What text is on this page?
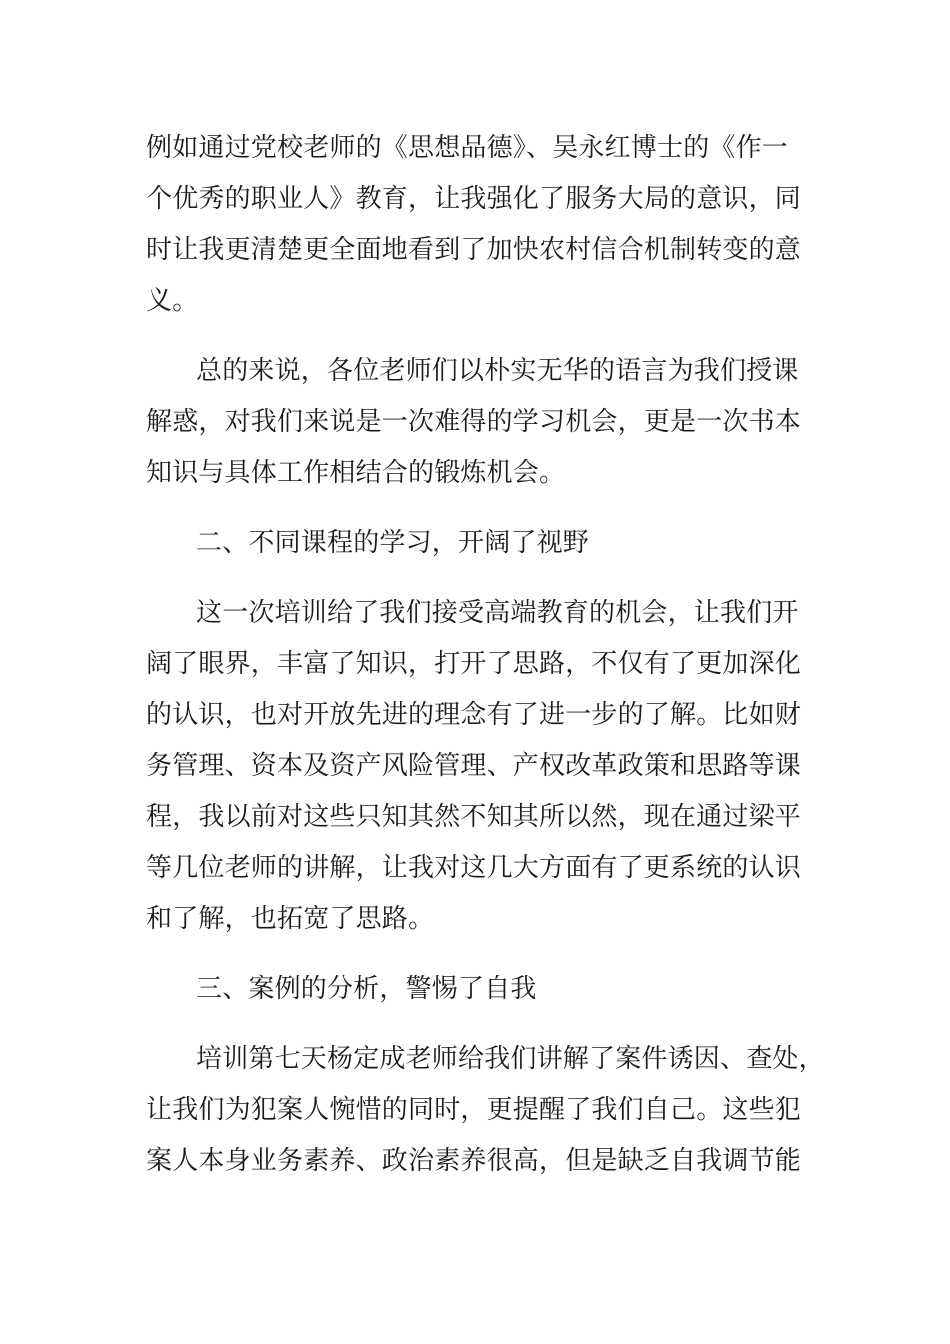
例如通过党校老师的《思想品德》、吴永红博士的《作一
个优秀的职业人》教育，让我强化了服务大局的意识，同
时让我更清楚更全面地看到了加快农村信合机制转变的意
义。
总的来说，各位老师们以朴实无华的语言为我们授课
解惑，对我们来说是一次难得的学习机会，更是一次书本
知识与具体工作相结合的锻炼机会。
二、不同课程的学习，开阔了视野
这一次培训给了我们接受高端教育的机会，让我们开
阔了眼界，丰富了知识，打开了思路，不仅有了更加深化
的认识，也对开放先进的理念有了进一步的了解。比如财
务管理、资本及资产风险管理、产权改革政策和思路等课
程，我以前对这些只知其然不知其所以然，现在通过梁平
等几位老师的讲解，让我对这几大方面有了更系统的认识
和了解，也拓宽了思路。
三、案例的分析，警惕了自我
培训第七天杨定成老师给我们讲解了案件诱因、查处，
让我们为犯案人惋惜的同时，更提醒了我们自己。这些犯
案人本身业务素养、政治素养很高，但是缺乏自我调节能
